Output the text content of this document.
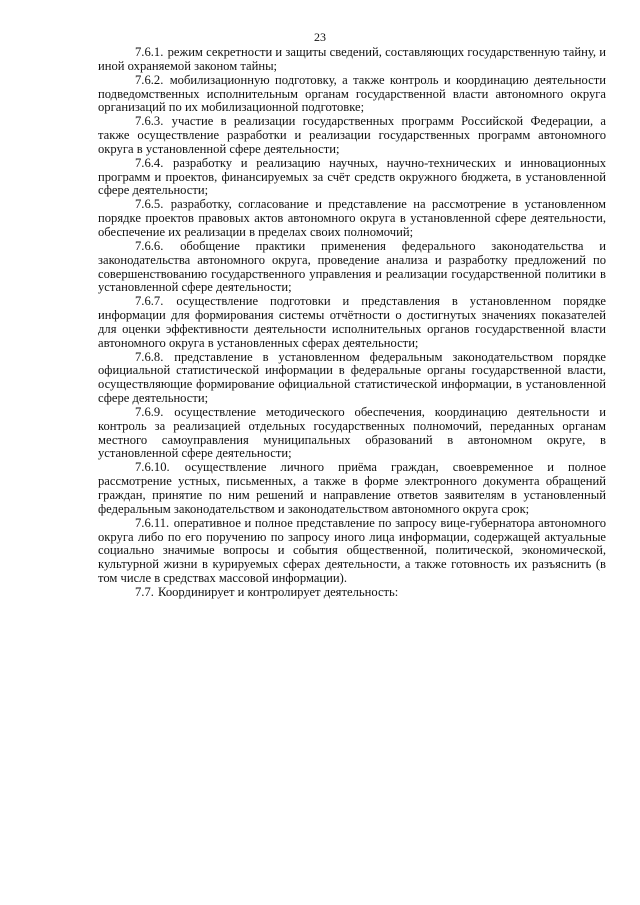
23

7.6.1. режим секретности и защиты сведений, составляющих государственную тайну, и иной охраняемой законом тайны;

7.6.2. мобилизационную подготовку, а также контроль и координацию деятельности подведомственных исполнительным органам государственной власти автономного округа организаций по их мобилизационной подготовке;

7.6.3. участие в реализации государственных программ Российской Федерации, а также осуществление разработки и реализации государственных программ автономного округа в установленной сфере деятельности;

7.6.4. разработку и реализацию научных, научно-технических и инновационных программ и проектов, финансируемых за счёт средств окружного бюджета, в установленной сфере деятельности;

7.6.5. разработку, согласование и представление на рассмотрение в установленном порядке проектов правовых актов автономного округа в установленной сфере деятельности, обеспечение их реализации в пределах своих полномочий;

7.6.6. обобщение практики применения федерального законодательства и законодательства автономного округа, проведение анализа и разработку предложений по совершенствованию государственного управления и реализации государственной политики в установленной сфере деятельности;

7.6.7. осуществление подготовки и представления в установленном порядке информации для формирования системы отчётности о достигнутых значениях показателей для оценки эффективности деятельности исполнительных органов государственной власти автономного округа в установленных сферах деятельности;

7.6.8. представление в установленном федеральным законодательством порядке официальной статистической информации в федеральные органы государственной власти, осуществляющие формирование официальной статистической информации, в установленной сфере деятельности;

7.6.9. осуществление методического обеспечения, координацию деятельности и контроль за реализацией отдельных государственных полномочий, переданных органам местного самоуправления муниципальных образований в автономном округе, в установленной сфере деятельности;

7.6.10. осуществление личного приёма граждан, своевременное и полное рассмотрение устных, письменных, а также в форме электронного документа обращений граждан, принятие по ним решений и направление ответов заявителям в установленный федеральным законодательством и законодательством автономного округа срок;

7.6.11. оперативное и полное представление по запросу вице-губернатора автономного округа либо по его поручению по запросу иного лица информации, содержащей актуальные социально значимые вопросы и события общественной, политической, экономической, культурной жизни в курируемых сферах деятельности, а также готовность их разъяснить (в том числе в средствах массовой информации).

7.7. Координирует и контролирует деятельность:
